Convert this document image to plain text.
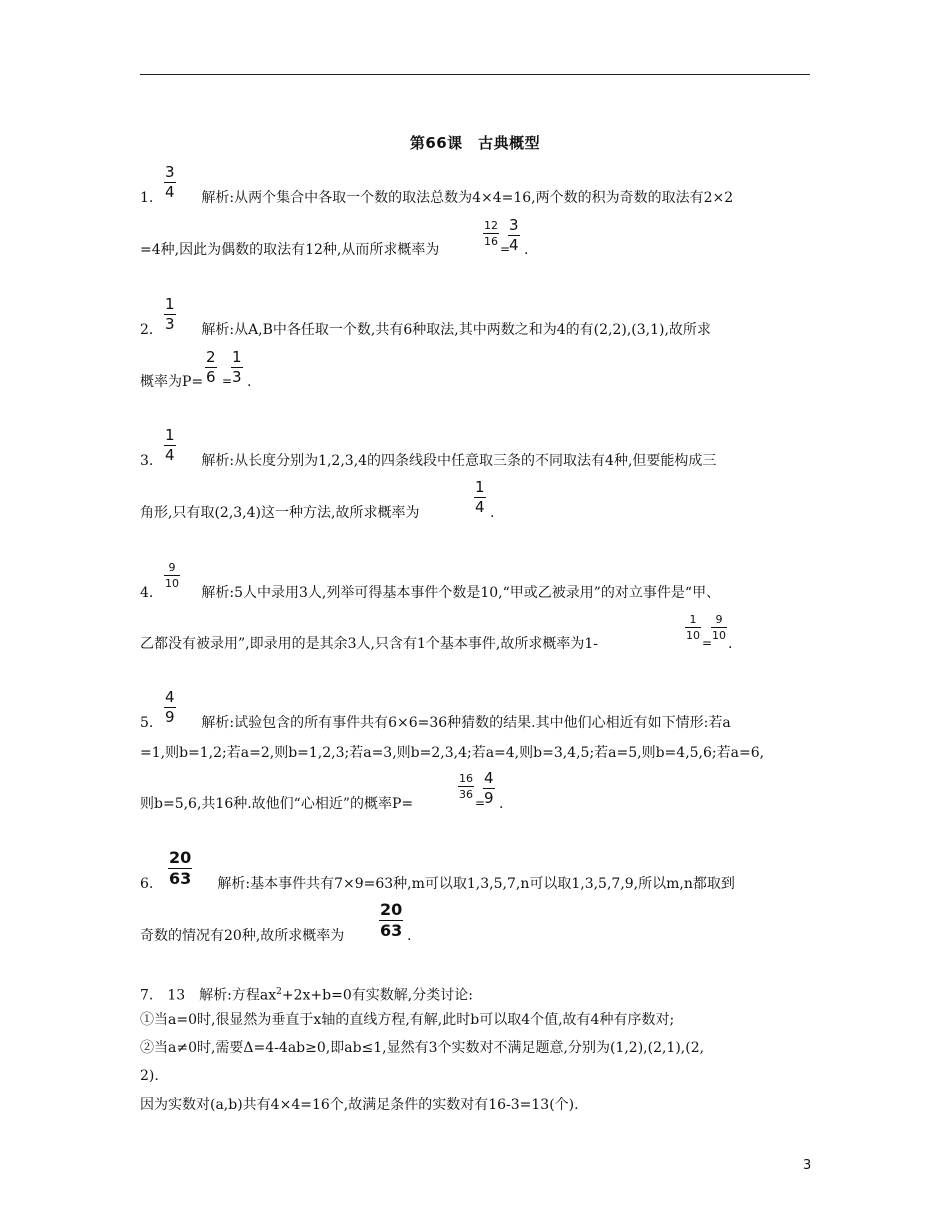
第66课　古典概型
3
4
1.	解析:从两个集合中各取一个数的取法总数为4×4=16,两个数的积为奇数的取法有2×2
=4种,因此为偶数的取法有12种,从而所求概率为
12
16
=
3
4 .
1
3
2.	解析:从A,B中各任取一个数,共有6种取法,其中两数之和为4的有(2,2),(3,1),故所求
概率为P=
2
6 =
1
3 .
1
4
3.	解析:从长度分别为1,2,3,4的四条线段中任意取三条的不同取法有4种,但要能构成三
角形,只有取(2,3,4)这一种方法,故所求概率为
1
4 .
9
10
4.	解析:5人中录用3人,列举可得基本事件个数是10,“甲或乙被录用”的对立事件是“甲、
乙都没有被录用”,即录用的是其余3人,只含有1个基本事件,故所求概率为1-
1
10
=
9
10
.
4
9
5.	解析:试验包含的所有事件共有6×6=36种猜数的结果.其中他们心相近有如下情形:若a
=1,则b=1,2;若a=2,则b=1,2,3;若a=3,则b=2,3,4;若a=4,则b=3,4,5;若a=5,则b=4,5,6;若a=6,
则b=5,6,共16种.故他们“心相近”的概率P=
16
36
=
4
9 .
20
63
6.	解析:基本事件共有7×9=63种,m可以取1,3,5,7,n可以取1,3,5,7,9,所以m,n都取到
奇数的情况有20种,故所求概率为
20
63 .
7.　13　解析:方程$ax^2+2x+b=0$有实数解,分类讨论:
①当a=0时,很显然为垂直于x轴的直线方程,有解,此时b可以取4个值,故有4种有序数对;
②当a≠0时,需要Δ=4-4ab≥0,即ab≤1,显然有3个实数对不满足题意,分别为(1,2),(2,1),(2,
2).
因为实数对(a,b)共有4×4=16个,故满足条件的实数对有16-3=13(个).
3
